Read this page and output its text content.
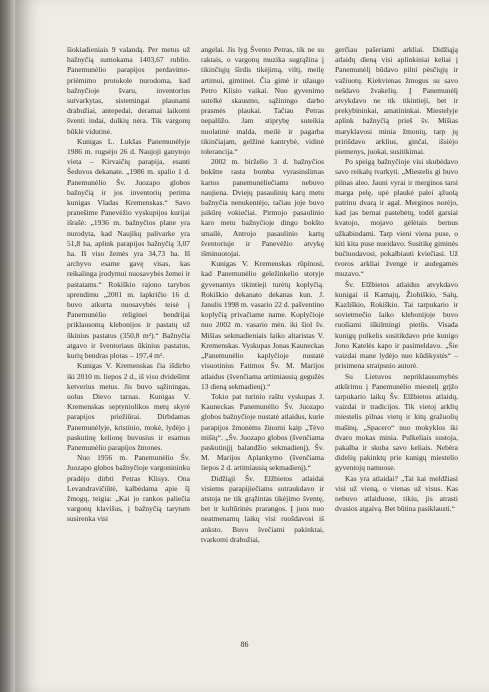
šiokiadieniais 9 valandą. Per metus už bažnyčią sumokama 1403,67 rublio. Panemunėlio parapijos perdavimo-priėmimo protokole nurodoma, kad bažnyčioje švaru, inventorius sutvarkytas, sistemingai plaunami drabužiai, antepedai, deramai laikomi šventi indai, dulkių nėra. Tik vargonų būklė vidutinė.

Kunigas L. Lukšas Panemunėlyje 1986 m. rugsėjo 26 d. Naujoji ganytojo vieta – Kirvaičių parapija, esanti Šeduvos dekanate. „1986 m. spalio 1 d. Panemunėlio Šv. Juozapo globos bažnyčią ir jos inventorių perima kunigas Vladas Kremenskas.“ Savo pranešime Panevėžio vyskupijos kurijai išrašė: „1936 m. bažnyčios plane yra nurodyta, kad Naujikų palivarke yra 51,8 ha, aplink parapijos bažnyčią 3,07 ha. Iš viso žemės yra 34,73 ha. Iš archyvo esame gavę visas, kas reikalinga įrodymui nuosavybės žemei ir pastatams.“ Rokiškio rajono tarybos sprendimu „2001 m. lapkričio 16 d. buvo atkurta nuosavybės teisė į Panemunėlio religinei bendrijai priklausomą klebonijos ir pastatų už ūkinius pastatus (350,8 m²).“ Bažnyčia atgavo ir šventoriaus ūkinius pastatus, kurių bendras plotas – 197,4 m².

Kunigas V. Kremenskas čia išdirbo iki 2010 m. liepos 2 d., iš viso dvidešimt ketverius metus. Jis buvo sąžiningas, uolus Dievo tarnas. Kunigas V. Kremenskas septyniolikos metų skyrė parapijos priežiūrai. Dirbdamas Panemunėlyje, kristinio, mokė, lydėjo į paskutinę kelionę buvusius ir esamus Panemunėlio parapijos žmones.

Nuo 1956 m. Panemunėlio Šv. Juozapo globos bažnyčioje vargonininku pradėjo dirbti Petras Klisys. Ona Levandravičiūtė, kalbėdama apie šį žmogų, teigia: „Kai jo rankos paliečia vargonų klavišus, į bažnyčią tarytum susirenka visi

angelai. Jis lyg Švento Petras, tik ne su raktais, o vargonų muzika sugrąžina į tikinčiųjų širdis tikėjimą, viltį, meilę artimui, gimtinei. Čia gimė ir užaugo Petro Klisio vaikai. Nuo gyvenimo sutelkė skausmo, sąžiningo darbo prasmės plaukai. Tačiau Petras nepalūžo. Jam stiprybę suteikia nuolatinė malda, meilė ir pagarba tikinčiajam, gelžinė kantrybė, vidinė tolerancija.“

2002 m. birželio 3 d. bažnyčios bokštte rasta bomba vyrasinslimas kartos panemunėliečiams nebuvo naujiena. Dviejų pasaulinių karų metu bažnyčia nenukentėjo, tačiau joje buvo įsikūrę vokiečiai. Pirmojo pasaulinio karo metu bažnyčioje dingo bokšto smailė, Antrojo pasaulinio kartų šventoriuje ir Panevėžio atvykę išminuotojai.

Kunigas V. Kremenskas rūpinosi, kad Panemunėlio geležinkelio stotyje gyvenantys tikintieji turėtų koplyčią. Rokiškio dekanato dekanas kun. J. Janulis 1998 m. vasario 22 d. pašventino koplyčią privačiame name. Koplyčioje nuo 2002 m. vasario mėn. iki šiol šv. Mišias sekmadieniais laiko altaristas V. Kremenskas. Vyskupas Jonas Kauneckas „Panemunėlio kaplyčioje nustatė visuotinius Fatimos Šv. M. Marijos atlaidus (švenčiama artimiausią gegužės 13 dieną sekmadienį).“

Tokio pat turinio raštu vyskupas J. Kauneckas Panemunėlio Šv. Juozapo globos bažnyčioje nustatė atlaidus, kurie parapijos žmonėms žinomi kaip „Tėvo mišių“. „Šv. Juozapo globos (švenčiama paskutinįjį balandžio sekmadienį), Šv. M. Marijos Aplankymo (švenčiama liepos 2 d. artimiausią sekmadienį).“

Didžiąji Šv. Elžbietos atlaidai visiems parapijiečiams sutraukdavo ir atstoja ne tik grąžintas tikėjimo šventę, bet ir kultūrinės prarangos. Į juos nuo neatmenamų laikų visi ruošdavosi iš anksto. Buvo švečiami pakinktai, tvarkomi drabužiai,

gerčiau pašeriami arkliai. Didžiąją atlaidų dieną visi aplinkiniai keliai į Panemunėlį būdavo pilni pėsčiųjų ir važiuotų. Kiekvienas žmogus su savo nešdavo žvakelių. Į Panemunėlį atvykdavo ne tik tikintieji, bet ir prekybininkai, amatininkai. Miestelyje aplink bažnyčią prieš šv. Mišias maryklavosi minia žmonių, tarp jų pririšdavo arklius, ginčai, išsiėjo piemenys, juokai, susitikimai.

Po speigą bažnyčioje visi skubėdavo savo reikalų tvarkyti. „Miestelis gi buvo pilnas aleo. Jauni vyrai ir merginos tarsi marga pelę, upė plaukė palei ąžuolą patrinu dvarą ir agal. Merginos norėjo, kad jas bernai pastebėtų, todėl garsiai kvatojo, mojavo gėlėtais bernus užkabindami. Tarp vieni viena puse, o kiti kita puse nueidavo. Susitikę giminės bučiuodavosi, pokalbiauti kviečiasi. Už tvoros arkliai žvengė ir audegamės muzavo.“

Šv. Elžbietos atlaidus atvykdavo kunigai iš Kamajų, Žiobiškio, Salų, Kazliškio, Rokiškio. Tai tarpukario ir sovietmečio laiko klebonijoje buvo ruošiami iškilmingi pietūs. Visada kunigų pulkelis susitikdavo prie kunigo Jono Katelės kapo ir pasimeldavo. „Šie vaizdai mane lydėjo nuo kūdikystės“ – prisimena straipsnio autorė.

Su Lietuvos nepriklausomybės atkūrimu į Panemunėlio miestelį grįžo tarpukario laikų Šv. Elžbietos atlaidų, vaizdai ir tradicijos. Tik vietoj arklių miestelis pilnas vietų ir kitų gražuolių mašinų. „Spacero“ nuo mokyklos iki dvaro mokas minia. Pulkeliais sustoja, pakalba ir skuba savo keliais. Nebėra didelių pakinktų prie kunigų miestelio gyventojų namuose.

Kas yra atlaidai? „Tai kai meldžiasi visi už vieną, o vienas už visus. Kas nebuvo atlaiduose, tikiu, jis atrasti dvasios atgaivą. Bet būtina pasiklausti.“

86
